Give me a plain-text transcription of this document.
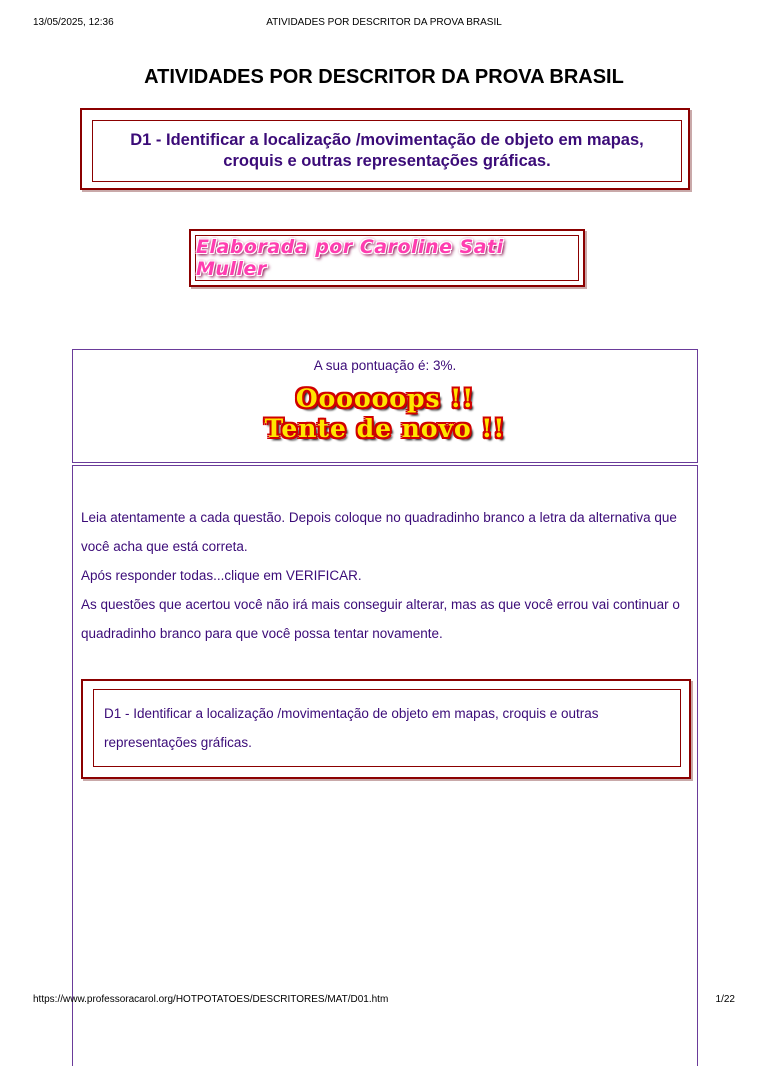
13/05/2025, 12:36	ATIVIDADES POR DESCRITOR DA PROVA BRASIL
ATIVIDADES POR DESCRITOR DA PROVA BRASIL
D1 - Identificar a localização /movimentação de objeto em mapas, croquis e outras representações gráficas.
Elaborada por Caroline Sati Muller
A sua pontuação é: 3%.
Oooooops !!
Tente de novo !!

Leia atentamente a cada questão. Depois coloque no quadradinho branco a letra da alternativa que você acha que está correta.

Após responder todas...clique em VERIFICAR.

As questões que acertou você não irá mais conseguir alterar, mas as que você errou vai continuar o quadradinho branco para que você possa tentar novamente.

D1 - Identificar a localização /movimentação de objeto em mapas, croquis e outras representações gráficas.
https://www.professoracarol.org/HOTPOTATOES/DESCRITORES/MAT/D01.htm	1/22
